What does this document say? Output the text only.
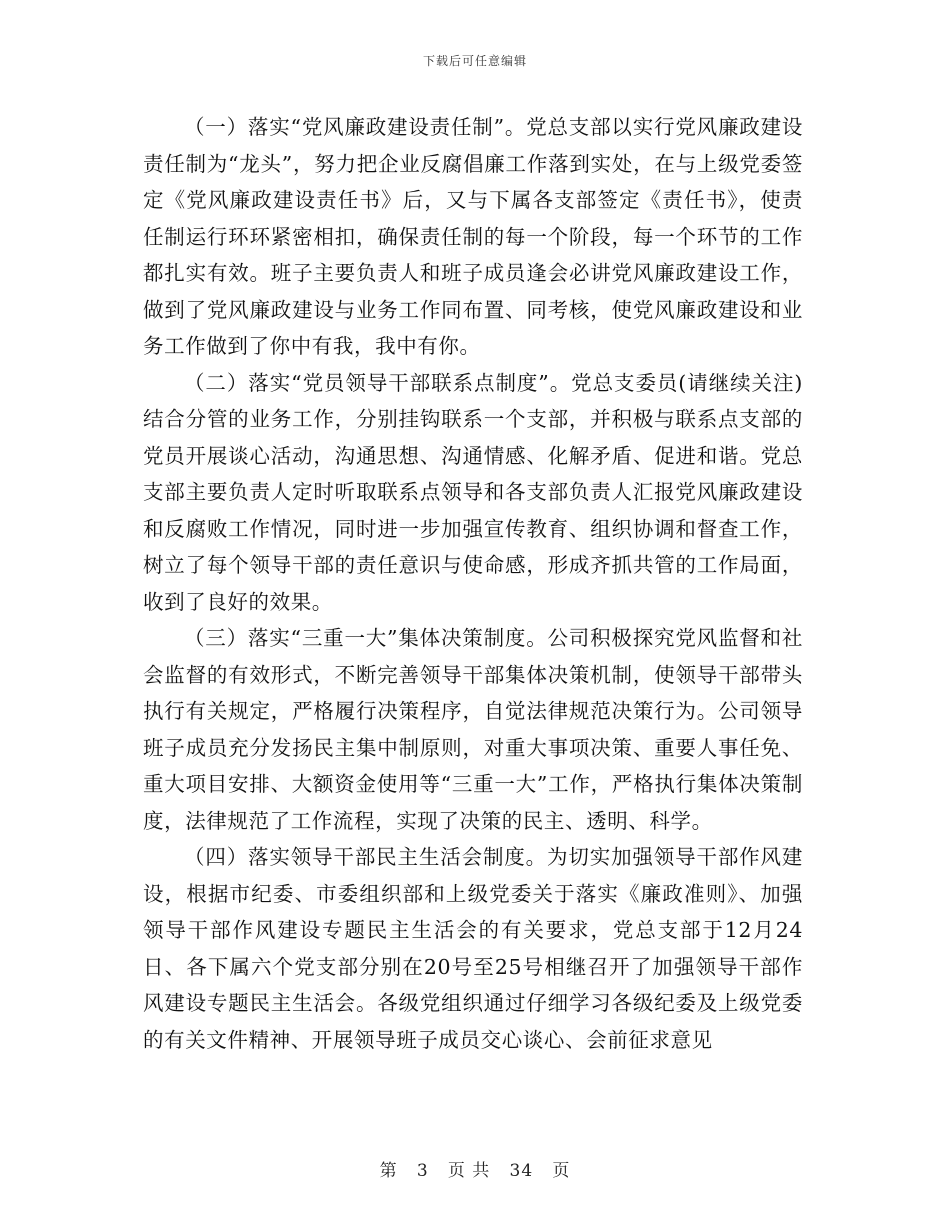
下载后可任意编辑

（一）落实“党风廉政建设责任制”。党总支部以实行党风廉政建设责任制为“龙头”，努力把企业反腐倡廉工作落到实处，在与上级党委签定《党风廉政建设责任书》后，又与下属各支部签定《责任书》，使责任制运行环环紧密相扣，确保责任制的每一个阶段，每一个环节的工作都扎实有效。班子主要负责人和班子成员逢会必讲党风廉政建设工作，做到了党风廉政建设与业务工作同布置、同考核，使党风廉政建设和业务工作做到了你中有我，我中有你。

（二）落实“党员领导干部联系点制度”。党总支委员(请继续关注)结合分管的业务工作，分别挂钩联系一个支部，并积极与联系点支部的党员开展谈心活动，沟通思想、沟通情感、化解矛盾、促进和谐。党总支部主要负责人定时听取联系点领导和各支部负责人汇报党风廉政建设和反腐败工作情况，同时进一步加强宣传教育、组织协调和督查工作，树立了每个领导干部的责任意识与使命感，形成齐抓共管的工作局面，收到了良好的效果。

（三）落实“三重一大”集体决策制度。公司积极探究党风监督和社会监督的有效形式，不断完善领导干部集体决策机制，使领导干部带头执行有关规定，严格履行决策程序，自觉法律规范决策行为。公司领导班子成员充分发扬民主集中制原则，对重大事项决策、重要人事任免、重大项目安排、大额资金使用等“三重一大”工作，严格执行集体决策制度，法律规范了工作流程，实现了决策的民主、透明、科学。

（四）落实领导干部民主生活会制度。为切实加强领导干部作风建设，根据市纪委、市委组织部和上级党委关于落实《廉政准则》、加强领导干部作风建设专题民主生活会的有关要求，党总支部于12月24日、各下属六个党支部分别在20号至25号相继召开了加强领导干部作风建设专题民主生活会。各级党组织通过仔细学习各级纪委及上级党委的有关文件精神、开展领导班子成员交心谈心、会前征求意见

第 3 页 共 34 页
